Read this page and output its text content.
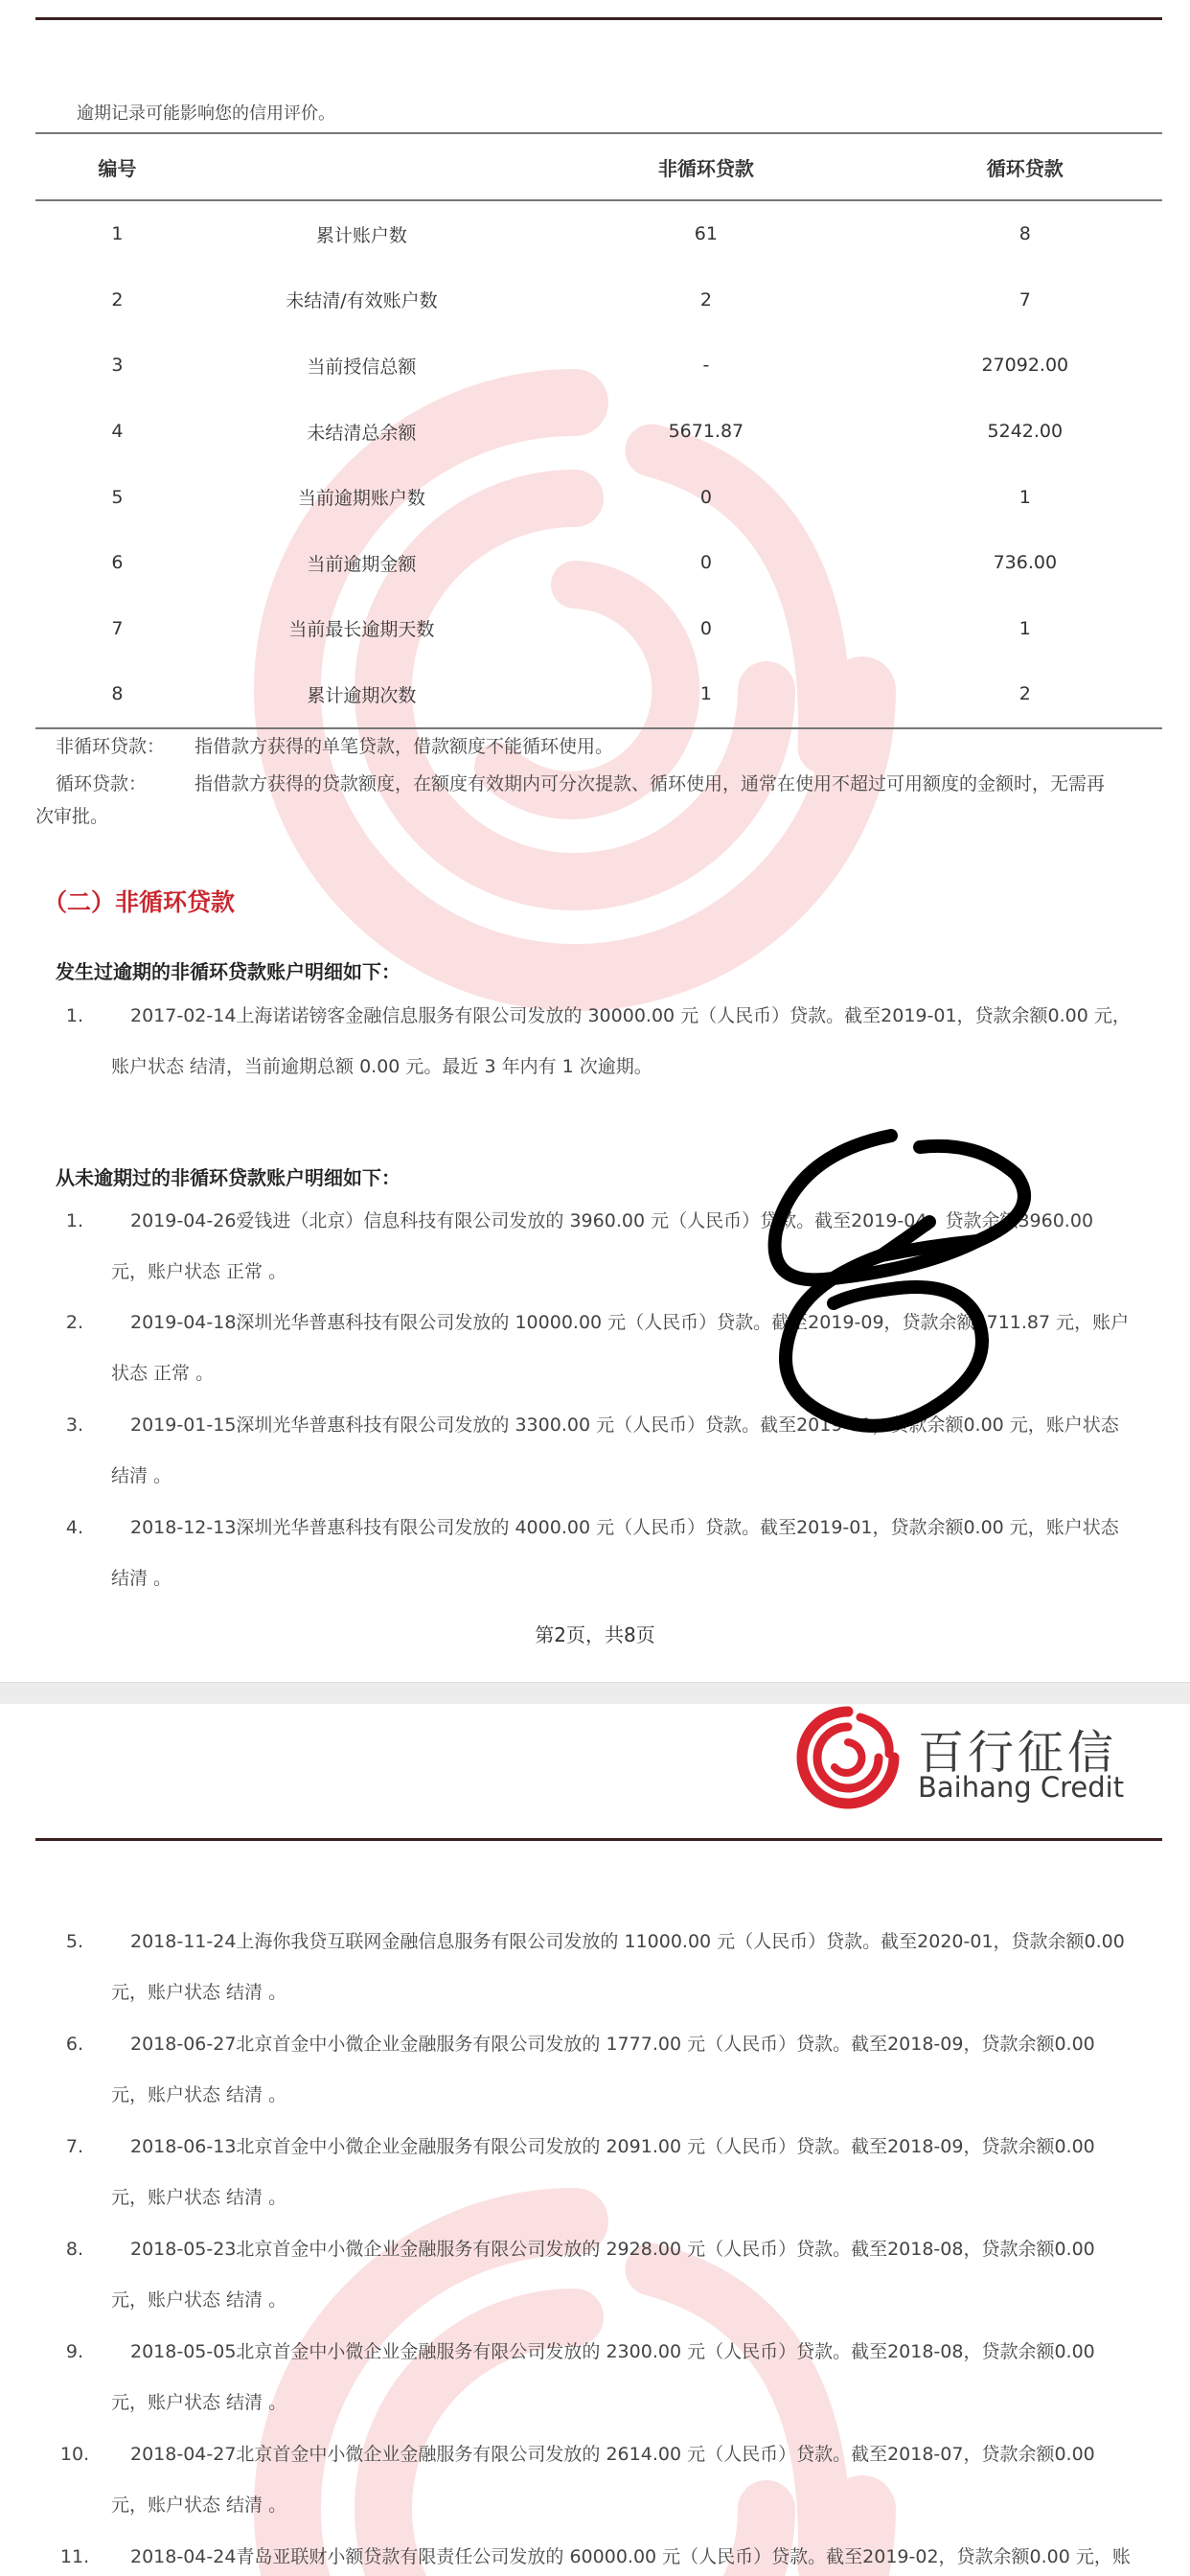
逾期记录可能影响您的信用评价。
编号		非循环贷款	循环贷款
1	累计账户数	61	8
2	未结清/有效账户数	2	7
3	当前授信总额	-	27092.00
4	未结清总余额	5671.87	5242.00
5	当前逾期账户数	0	1
6	当前逾期金额	0	736.00
7	当前最长逾期天数	0	1
8	累计逾期次数	1	2
非循环贷款： 指借款方获得的单笔贷款，借款额度不能循环使用。
循环贷款：	指借款方获得的贷款额度，在额度有效期内可分次提款、循环使用，通常在使用不超过可用额度的金额时，无需再
次审批。
（二）非循环贷款
发生过逾期的非循环贷款账户明细如下：
1.	2017-02-14上海诺诺镑客金融信息服务有限公司发放的 30000.00 元（人民币）贷款。截至2019-01，贷款余额0.00 元，
账户状态 结清，当前逾期总额 0.00 元。最近 3 年内有 1 次逾期。
从未逾期过的非循环贷款账户明细如下：
1.	2019-04-26爱钱进（北京）信息科技有限公司发放的 3960.00 元（人民币）贷款。截至2019-04，贷款余额3960.00
元，账户状态 正常 。
2.	2019-04-18深圳光华普惠科技有限公司发放的 10000.00 元（人民币）贷款。截至2019-09，贷款余额1711.87 元，账户
状态 正常 。
3.	2019-01-15深圳光华普惠科技有限公司发放的 3300.00 元（人民币）贷款。截至2019-01，贷款余额0.00 元，账户状态
结清 。
4.	2018-12-13深圳光华普惠科技有限公司发放的 4000.00 元（人民币）贷款。截至2019-01，贷款余额0.00 元，账户状态
结清 。
第2页，共8页
百行征信
Baihang Credit
5.	2018-11-24上海你我贷互联网金融信息服务有限公司发放的 11000.00 元（人民币）贷款。截至2020-01，贷款余额0.00
元，账户状态 结清 。
6.	2018-06-27北京首金中小微企业金融服务有限公司发放的 1777.00 元（人民币）贷款。截至2018-09，贷款余额0.00
元，账户状态 结清 。
7.	2018-06-13北京首金中小微企业金融服务有限公司发放的 2091.00 元（人民币）贷款。截至2018-09，贷款余额0.00
元，账户状态 结清 。
8.	2018-05-23北京首金中小微企业金融服务有限公司发放的 2928.00 元（人民币）贷款。截至2018-08，贷款余额0.00
元，账户状态 结清 。
9.	2018-05-05北京首金中小微企业金融服务有限公司发放的 2300.00 元（人民币）贷款。截至2018-08，贷款余额0.00
元，账户状态 结清 。
10.	2018-04-27北京首金中小微企业金融服务有限公司发放的 2614.00 元（人民币）贷款。截至2018-07，贷款余额0.00
元，账户状态 结清 。
11.	2018-04-24青岛亚联财小额贷款有限责任公司发放的 60000.00 元（人民币）贷款。截至2019-02，贷款余额0.00 元，账
